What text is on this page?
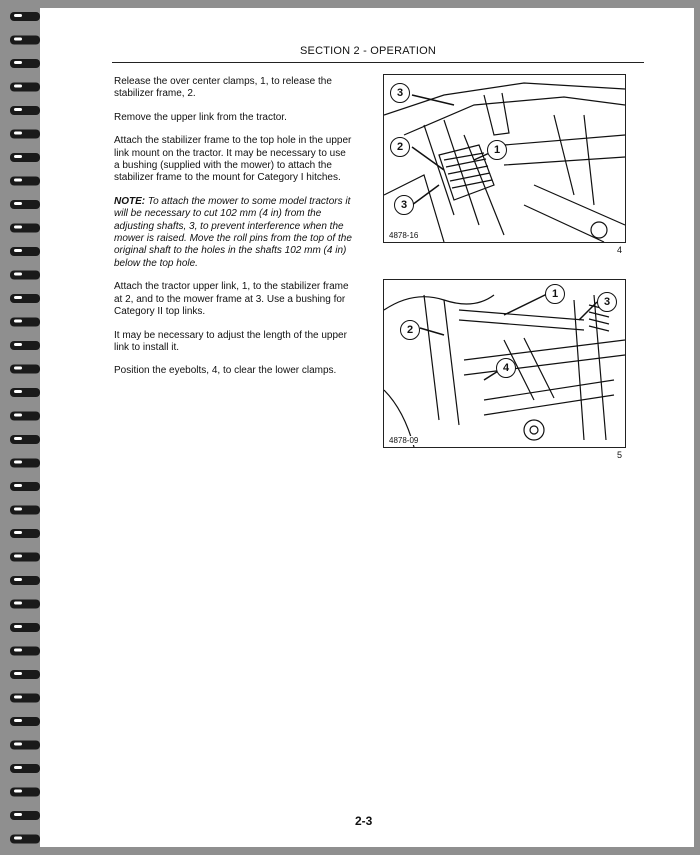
SECTION 2 - OPERATION

Release the over center clamps, 1, to release the stabilizer frame, 2.

Remove the upper link from the tractor.

Attach the stabilizer frame to the top hole in the upper link mount on the tractor. It may be necessary to use a bushing (supplied with the mower) to attach the stabilizer frame to the mount for Category I hitches.

NOTE: To attach the mower to some model tractors it will be necessary to cut 102 mm (4 in) from the adjusting shafts, 3, to prevent interference when the mower is raised. Move the roll pins from the top of the original shaft to the holes in the shafts 102 mm (4 in) below the top hole.

Attach the tractor upper link, 1, to the stabilizer frame at 2, and to the mower frame at 3. Use a bushing for Category II top links.

It may be necessary to adjust the length of the upper link to install it.

Position the eyebolts, 4, to clear the lower clamps.

3
2	1
3
4878-16
4
1
3
2
4
4878-09
5
2-3
